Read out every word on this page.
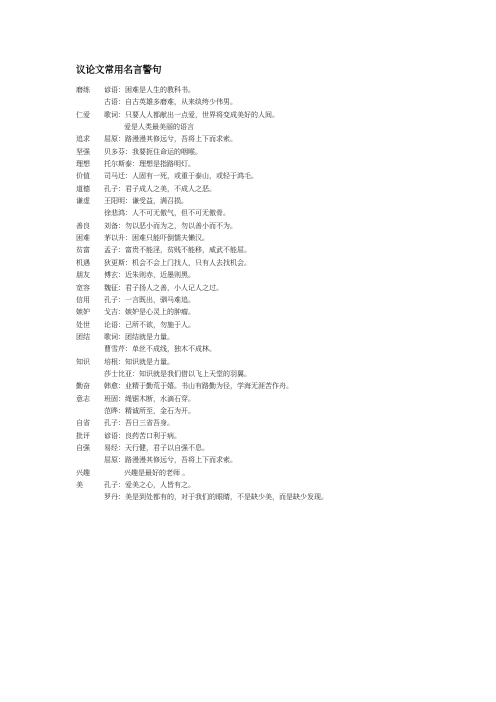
议论文常用名言警句
磨练	谚语：困难是人生的教科书。
古语：自古英雄多磨难，从来纨绔少伟男。
仁爱	歌词：只要人人都献出一点爱，世界将变成美好的人间。
爱是人类最美丽的语言
追求	屈原：路漫漫其修远兮，吾将上下而求索。
坚强	贝多芬：我要扼住命运的咽喉。
理想	托尔斯泰：理想是指路明灯。
价值	司马迁：人固有一死，或重于泰山，或轻于鸿毛。
道德	孔子：君子成人之美，不成人之恶。
谦虚	王阳明：谦受益，满召损。
徐悲鸿：人不可无傲气，但不可无傲骨。
善良	刘备：勿以恶小而为之，勿以善小而不为。
困难	茅以升：困难只能吓倒懦夫懒汉。
贫富	孟子：富贵不能淫，贫贱不能移，威武不能屈。
机遇	狄更斯：机会不会上门找人，只有人去找机会。
朋友	傅玄：近朱则赤，近墨则黑。
宽容	魏征：君子扬人之善，小人记人之过。
信用	孔子：一言既出，驷马难追。
嫉妒	戈吉：嫉妒是心灵上的肿瘤。
处世	论语：己所不欲，勿施于人。
团结	歌词：团结就是力量。
曹雪芹：单丝不成线，独木不成林。
知识	培根：知识就是力量。
莎士比亚：知识就是我们借以飞上天堂的羽翼。
勤奋	韩愈：业精于勤荒于嬉。书山有路勤为径，学海无涯苦作舟。
意志	班固：绳锯木断，水滴石穿。
范晔：精诚所至，金石为开。
自省	孔子：吾日三省吾身。
批评	谚语：良药苦口利于病。
自强	易经：天行健，君子以自强不息。
屈原：路漫漫其修远兮，吾将上下而求索。
兴趣	兴趣是最好的老师 。
美	孔子：爱美之心，人皆有之。
罗丹：美是到处都有的，对于我们的眼睛，不是缺少美，而是缺少发现。
